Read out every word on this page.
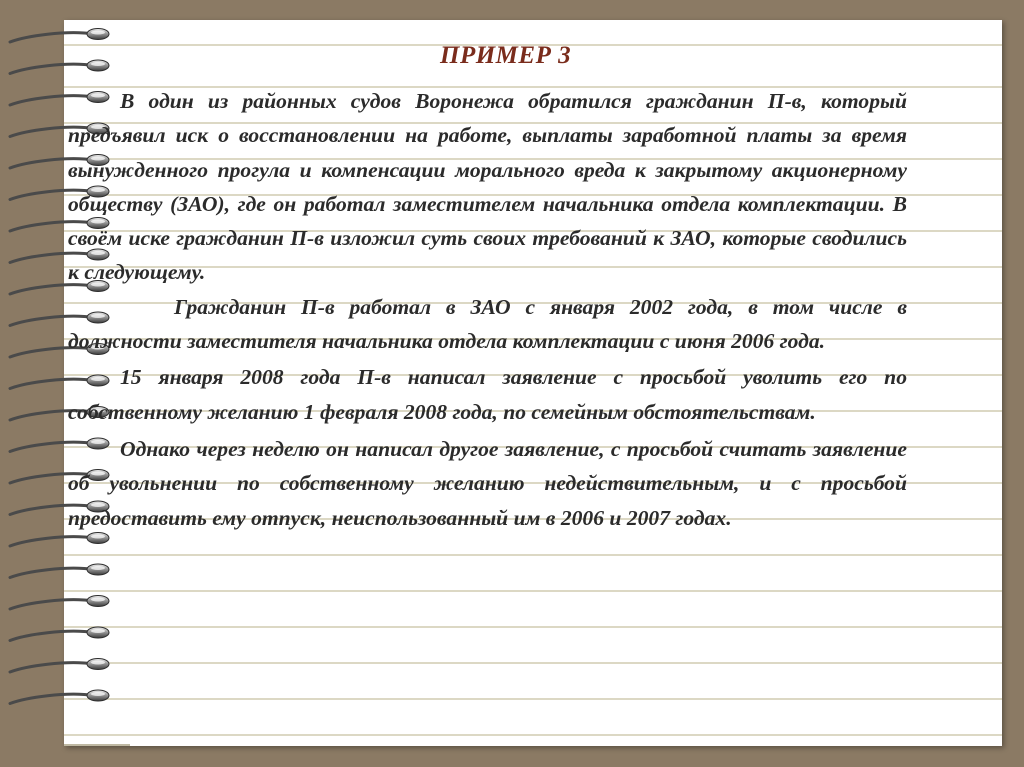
ПРИМЕР 3

В один из районных судов Воронежа обратился гражданин П-в, который предъявил иск о восстановлении на работе, выплаты заработной платы за время вынужденного прогула и компенсации морального вреда к закрытому акционерному обществу (ЗАО), где он работал заместителем начальника отдела комплектации. В своём иске гражданин П-в изложил суть своих требований к ЗАО, которые сводились к следующему.

Гражданин П-в работал в ЗАО с января 2002 года, в том числе в должности заместителя начальника отдела комплектации с июня 2006 года.

15 января 2008 года П-в написал заявление с просьбой уволить его по собственному желанию 1 февраля 2008 года, по семейным обстоятельствам.

Однако через неделю он написал другое заявление, с просьбой считать заявление об увольнении по собственному желанию недействительным, и с просьбой предоставить ему отпуск, неиспользованный им в 2006 и 2007 годах.
